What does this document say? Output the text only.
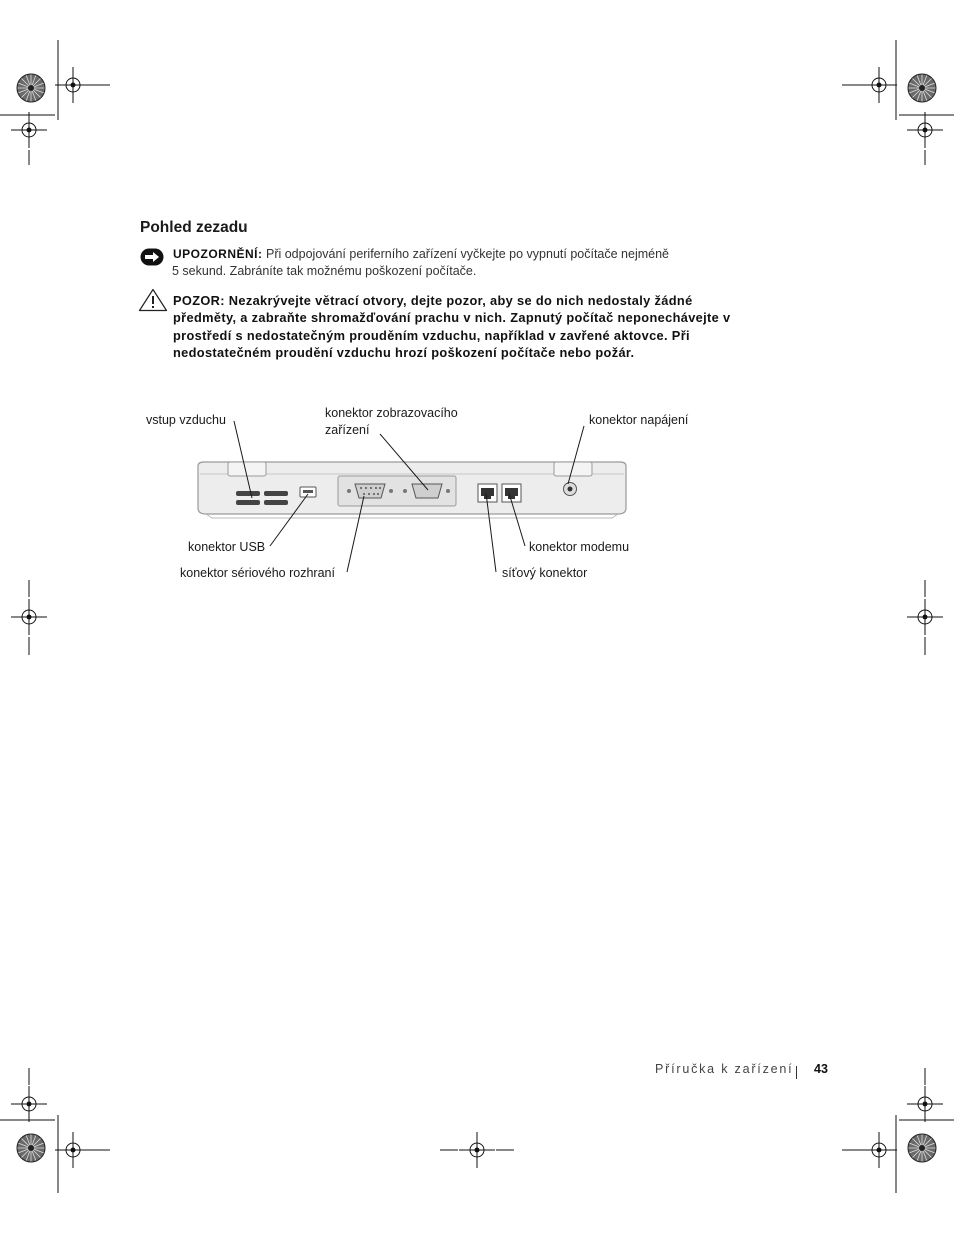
Pohled zezadu
UPOZORNĚNÍ: Při odpojování periferního zařízení vyčkejte po vypnutí počítače nejméně
5 sekund. Zabráníte tak možnému poškození počítače.
POZOR: Nezakrývejte větrací otvory, dejte pozor, aby se do nich nedostaly žádné předměty, a zabraňte shromažďování prachu v nich. Zapnutý počítač neponechávejte v prostředí s nedostatečným prouděním vzduchu, například v zavřené aktovce. Při nedostatečném proudění vzduchu hrozí poškození počítače nebo požár.
vstup vzduchu	konektor zobrazovacího
zařízení
konektor napájení
konektor USB
konektor sériového rozhraní	síťový konektor
konektor modemu
Příručka k zařízení 43
